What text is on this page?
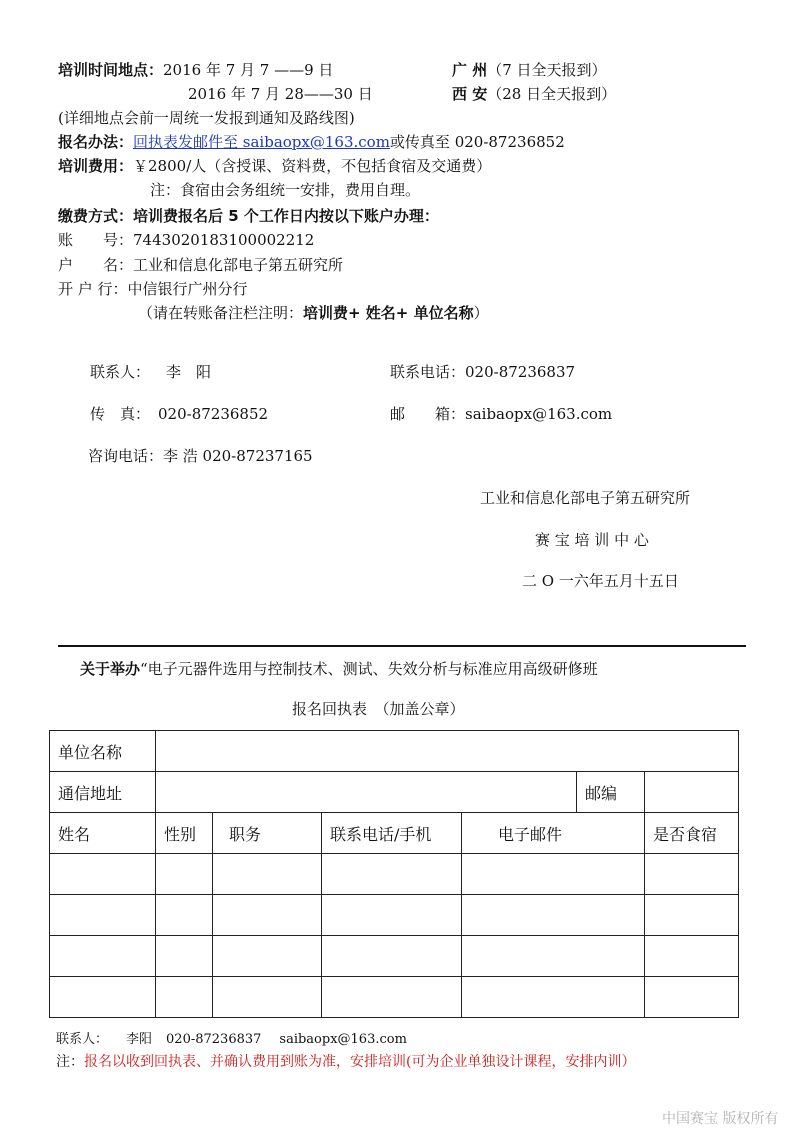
培训时间地点：2016 年 7 月 7 ——9 日	广 州（7 日全天报到）
2016 年 7 月 28——30 日	西 安（28 日全天报到）
(详细地点会前一周统一发报到通知及路线图)
报名办法：回执表发邮件至 saibaopx@163.com或传真至 020-87236852
培训费用：￥2800/人（含授课、资料费，不包括食宿及交通费）
注：食宿由会务组统一安排，费用自理。
缴费方式：培训费报名后 5 个工作日内按以下账户办理：
账　　号：7443020183100002212
户　　名：工业和信息化部电子第五研究所
开 户 行：中信银行广州分行
（请在转账备注栏注明：培训费+ 姓名+ 单位名称）
联系人： 李　阳	联系电话：020-87236837
传　真： 020-87236852	邮　　箱：saibaopx@163.com
咨询电话：李 浩 020-87237165
工业和信息化部电子第五研究所
赛 宝 培 训 中 心
二 O 一六年五月十五日
关于举办“电子元器件选用与控制技术、测试、失效分析与标准应用高级研修班
报名回执表　（加盖公章）
单位名称						
通信地址					邮编	
姓名	性别	职务	联系电话/手机	电子邮件		是否食宿

联系人： 李阳 020-87236837 saibaopx@163.com
注：报名以收到回执表、并确认费用到账为准，安排培训(可为企业单独设计课程，安排内训）
中国赛宝 版权所有
